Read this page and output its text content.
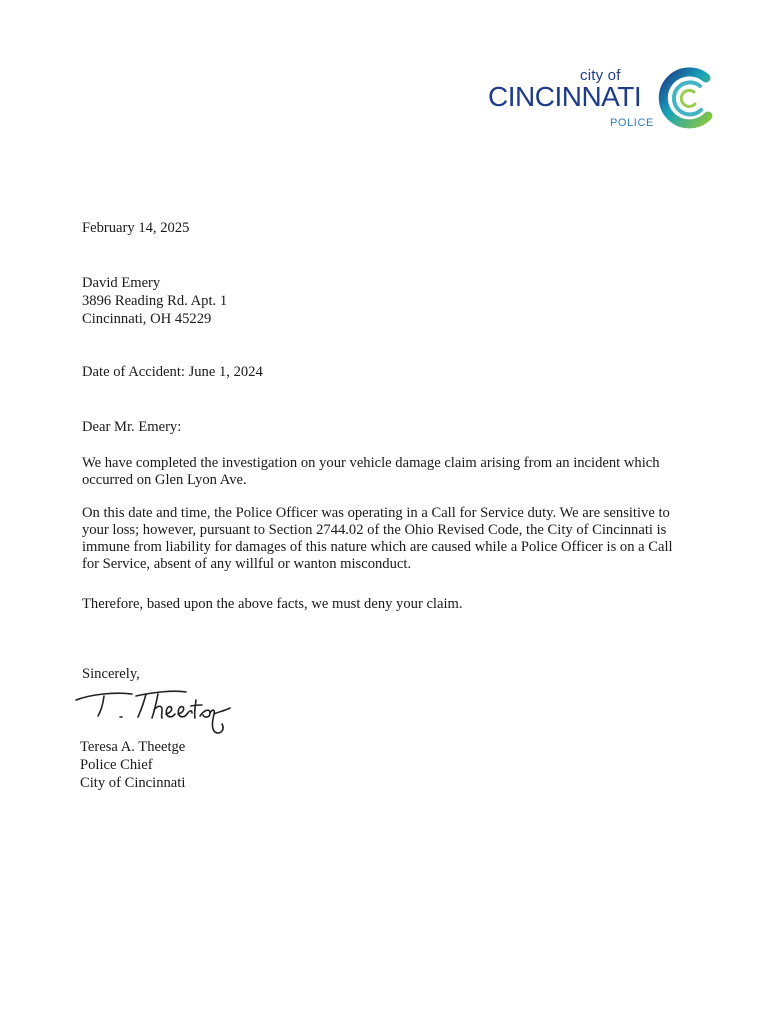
city of
CINCINNATI
POLICE
February 14, 2025
David Emery
3896 Reading Rd. Apt. 1
Cincinnati, OH 45229
Date of Accident: June 1, 2024
Dear Mr. Emery:
We have completed the investigation on your vehicle damage claim arising from an incident which
occurred on Glen Lyon Ave.
On this date and time, the Police Officer was operating in a Call for Service duty. We are sensitive to
your loss; however, pursuant to Section 2744.02 of the Ohio Revised Code, the City of Cincinnati is
immune from liability for damages of this nature which are caused while a Police Officer is on a Call
for Service, absent of any willful or wanton misconduct.
Therefore, based upon the above facts, we must deny your claim.
Sincerely,
Teresa A. Theetge
Police Chief
City of Cincinnati
